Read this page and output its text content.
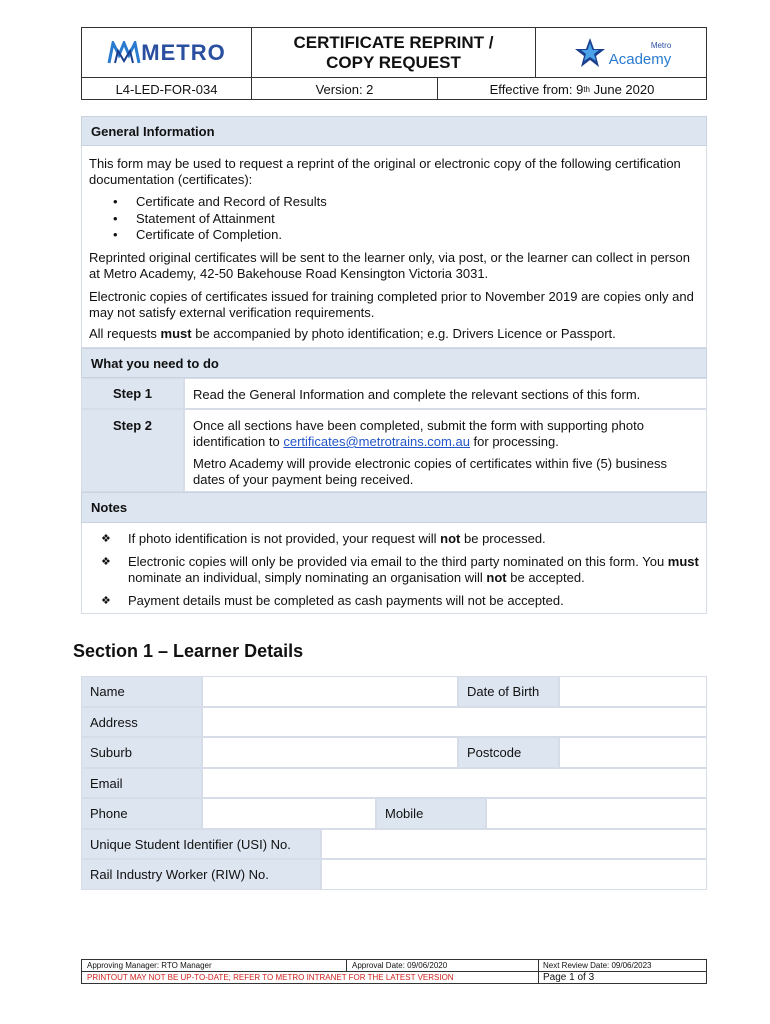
METRO	CERTIFICATE REPRINT / COPY REQUEST
Metro
Academy
L4-LED-FOR-034	Version: 2	Effective from: 9 th June 2020
General Information
This form may be used to request a reprint of the original or electronic copy of the following certification documentation (certificates):
• Certificate and Record of Results
• Statement of Attainment
• Certificate of Completion.
Reprinted original certificates will be sent to the learner only, via post, or the learner can collect in person at Metro Academy, 42-50 Bakehouse Road Kensington Victoria 3031.
Electronic copies of certificates issued for training completed prior to November 2019 are copies only and may not satisfy external verification requirements.
All requests must be accompanied by photo identification; e.g. Drivers Licence or Passport.
What you need to do
Step 1	Read the General Information and complete the relevant sections of this form.
Step 2	Once all sections have been completed, submit the form with supporting photo identification to certificates@metrotrains.com.au for processing.

Metro Academy will provide electronic copies of certificates within five (5) business dates of your payment being received.

Notes
❖ If photo identification is not provided, your request will not be processed.
❖ Electronic copies will only be provided via email to the third party nominated on this form. You must nominate an individual, simply nominating an organisation will not be accepted.
❖ Payment details must be completed as cash payments will not be accepted.
Section 1 – Learner Details
Name	Date of Birth
Address
Suburb	Postcode
Email
Phone	Mobile
Unique Student Identifier (USI) No.
Rail Industry Worker (RIW) No.
Approving Manager: RTO Manager	Approval Date: 09/06/2020	Next Review Date: 09/06/2023
PRINTOUT MAY NOT BE UP-TO-DATE; REFER TO METRO INTRANET FOR THE LATEST VERSION	Page 1 of 3
